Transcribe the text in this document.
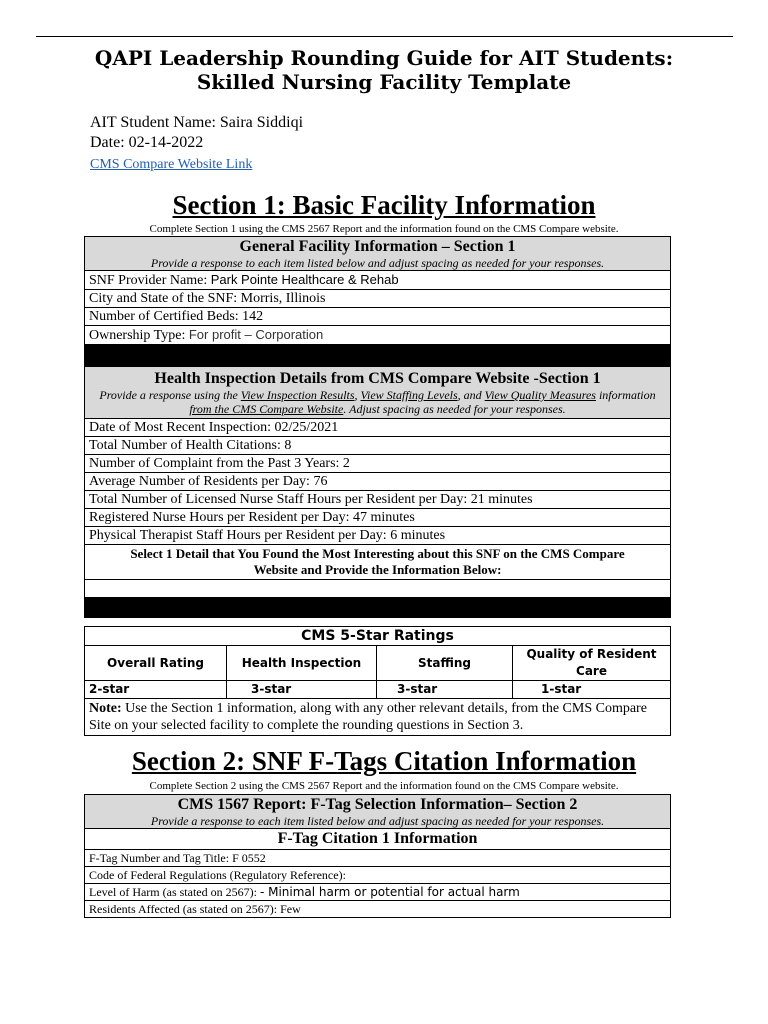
QAPI Leadership Rounding Guide for AIT Students:
Skilled Nursing Facility Template
AIT Student Name: Saira Siddiqi
Date: 02-14-2022
CMS Compare Website Link
Section 1: Basic Facility Information
Complete Section 1 using the CMS 2567 Report and the information found on the CMS Compare website.
General Facility Information – Section 1
Provide a response to each item listed below and adjust spacing as needed for your responses.

SNF Provider Name: Park Pointe Healthcare & Rehab
City and State of the SNF: Morris, Illinois
Number of Certified Beds: 142
Ownership Type: For profit – Corporation

Health Inspection Details from CMS Compare Website -Section 1
Provide a response using the View Inspection Results, View Staffing Levels, and View Quality Measures information from the CMS Compare Website. Adjust spacing as needed for your responses.

Date of Most Recent Inspection: 02/25/2021
Total Number of Health Citations: 8
Number of Complaint from the Past 3 Years: 2
Average Number of Residents per Day: 76
Total Number of Licensed Nurse Staff Hours per Resident per Day: 21 minutes
Registered Nurse Hours per Resident per Day: 47 minutes
Physical Therapist Staff Hours per Resident per Day: 6 minutes
Select 1 Detail that You Found the Most Interesting about this SNF on the CMS Compare Website and Provide the Information Below:

CMS 5-Star Ratings			
Overall Rating	Health Inspection	Staffing	Quality of Resident Care
2-star	3-star	3-star	1-star
Note: Use the Section 1 information, along with any other relevant details, from the CMS Compare Site on your selected facility to complete the rounding questions in Section 3.			
Section 2: SNF F-Tags Citation Information
Complete Section 2 using the CMS 2567 Report and the information found on the CMS Compare website.
CMS 1567 Report: F-Tag Selection Information– Section 2
Provide a response to each item listed below and adjust spacing as needed for your responses.

F-Tag Citation 1 Information
F-Tag Number and Tag Title: F 0552
Code of Federal Regulations (Regulatory Reference):
Level of Harm (as stated on 2567): - Minimal harm or potential for actual harm
Residents Affected (as stated on 2567): Few
